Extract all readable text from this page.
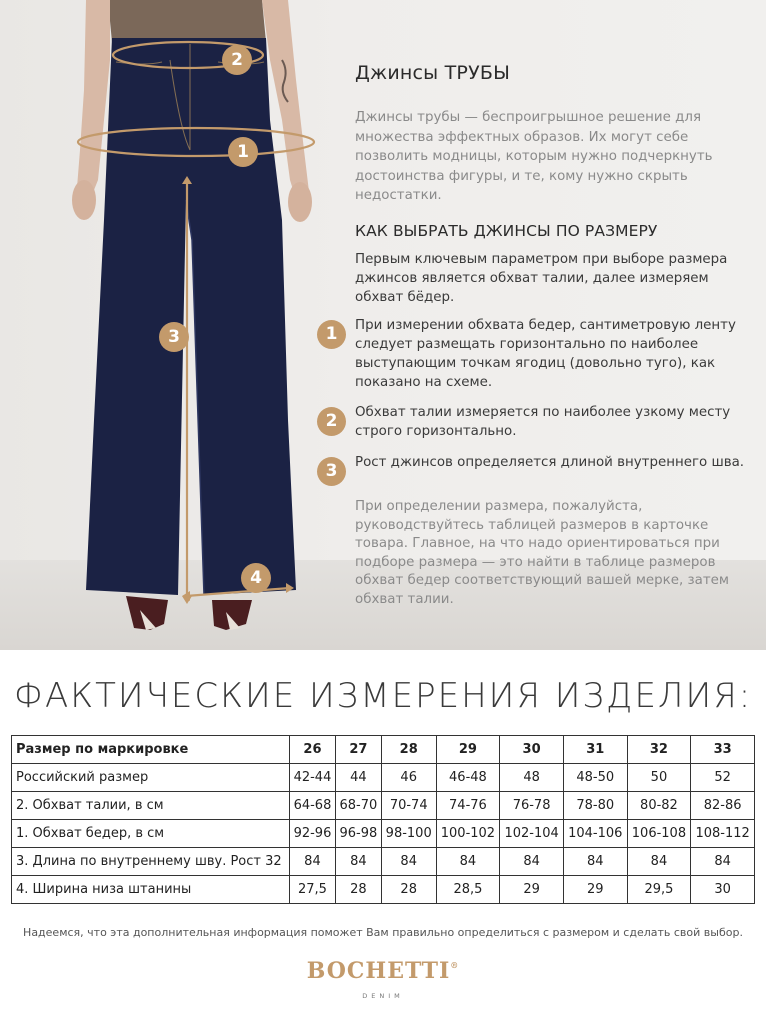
2
1
3
4
Джинсы ТРУБЫ
Джинсы трубы — беспроигрышное решение для множества эффектных образов. Их могут себе позволить модницы, которым нужно подчеркнуть достоинства фигуры, и те, кому нужно скрыть недостатки.
КАК ВЫБРАТЬ ДЖИНСЫ ПО РАЗМЕРУ
Первым ключевым параметром при выборе размера джинсов является обхват талии, далее измеряем обхват бёдер.
1	При измерении обхвата бедер, сантиметровую ленту следует размещать горизонтально по наиболее выступающим точкам ягодиц (довольно туго), как показано на схеме.
2	Обхват талии измеряется по наиболее узкому месту строго горизонтально.
3	Рост джинсов определяется длиной внутреннего шва.
При определении размера, пожалуйста, руководствуйтесь таблицей размеров в карточке товара. Главное, на что надо ориентироваться при подборе размера — это найти в таблице размеров обхват бедер соответствующий вашей мерке, затем обхват талии.
ФАКТИЧЕСКИЕ ИЗМЕРЕНИЯ ИЗДЕЛИЯ:
Размер по маркировке	26	27	28	29	30	31	32	33
Российский размер	42-44	44	46	46-48	48	48-50	50	52
2. Обхват талии, в см	64-68	68-70	70-74	74-76	76-78	78-80	80-82	82-86
1. Обхват бедер, в см	92-96	96-98	98-100	100-102	102-104	104-106	106-108	108-112
3. Длина по внутреннему шву. Рост 32	84	84	84	84	84	84	84	84
4. Ширина низа штанины	27,5	28	28	28,5	29	29	29,5	30
Надеемся, что эта дополнительная информация поможет Вам правильно определиться с размером и сделать свой выбор.
BOCHETTI®
DENIM
